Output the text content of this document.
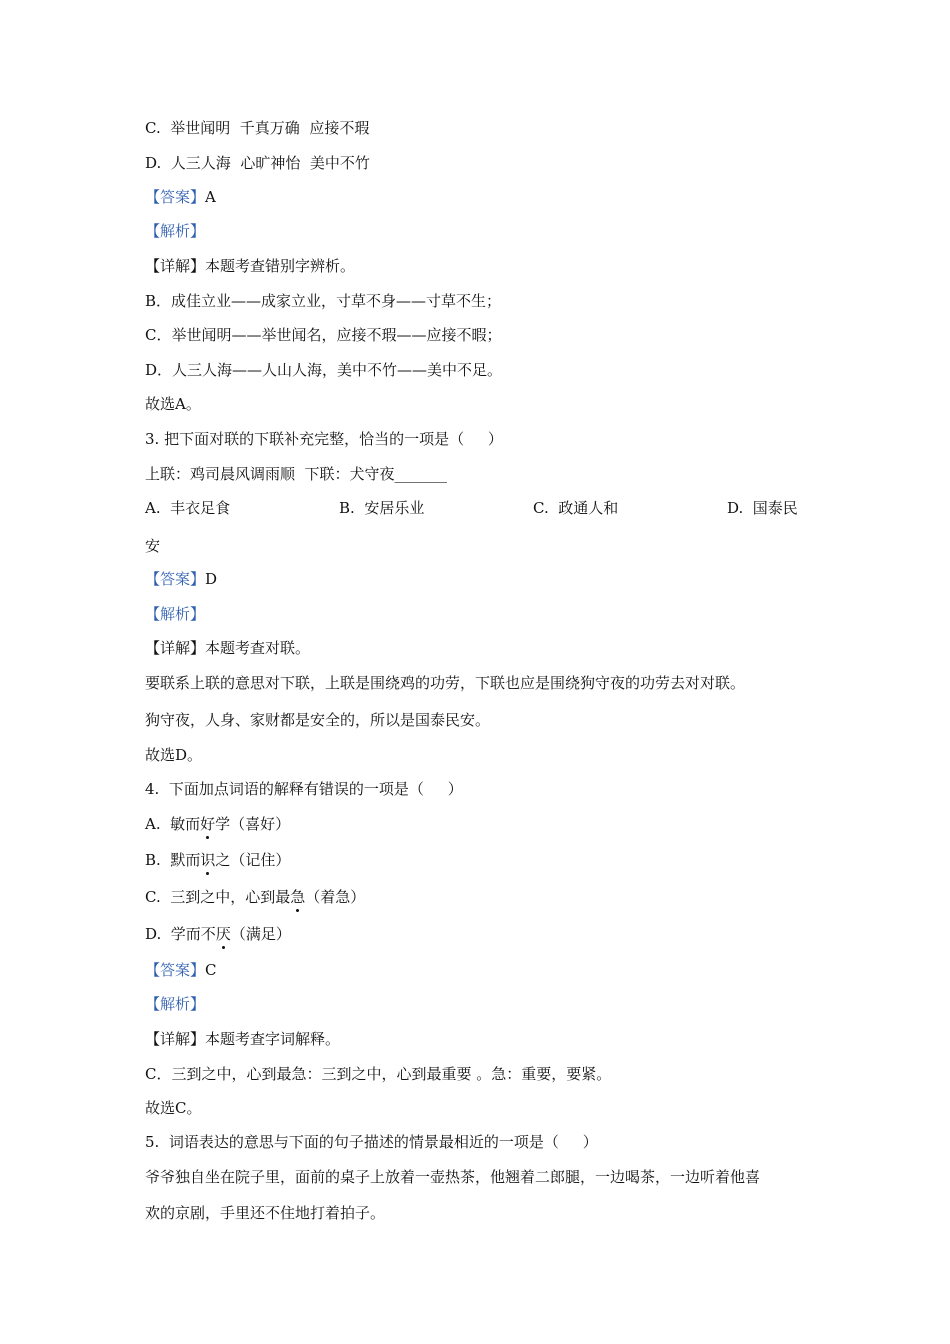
C.  举世闻明  千真万确  应接不瑕
D.  人三人海  心旷神怡  美中不竹
【答案】A
【解析】
【详解】本题考查错别字辨析。
B．成佳立业——成家立业，寸草不身——寸草不生；
C．举世闻明——举世闻名，应接不瑕——应接不暇；
D．人三人海——人山人海，美中不竹——美中不足。
故选A。
3. 把下面对联的下联补充完整，恰当的一项是（     ）
上联：鸡司晨风调雨顺  下联：犬守夜_______
A.  丰衣足食	B.  安居乐业	C.  政通人和	D.  国泰民
安
【答案】D
【解析】
【详解】本题考查对联。
要联系上联的意思对下联，上联是围绕鸡的功劳，下联也应是围绕狗守夜的功劳去对对联。
狗守夜，人身、家财都是安全的，所以是国泰民安。
故选D。
4.  下面加点词语的解释有错误的一项是（     ）
A.  敏而好学（喜好）
B.  默而识之（记住）
C.  三到之中，心到最急（着急）
D.  学而不厌（满足）
【答案】C
【解析】
【详解】本题考查字词解释。
C．三到之中，心到最急：三到之中，心到最重要 。急：重要，要紧。
故选C。
5.  词语表达的意思与下面的句子描述的情景最相近的一项是（     ）
爷爷独自坐在院子里，面前的桌子上放着一壶热茶，他翘着二郎腿，一边喝茶，一边听着他喜
欢的京剧，手里还不住地打着拍子。
